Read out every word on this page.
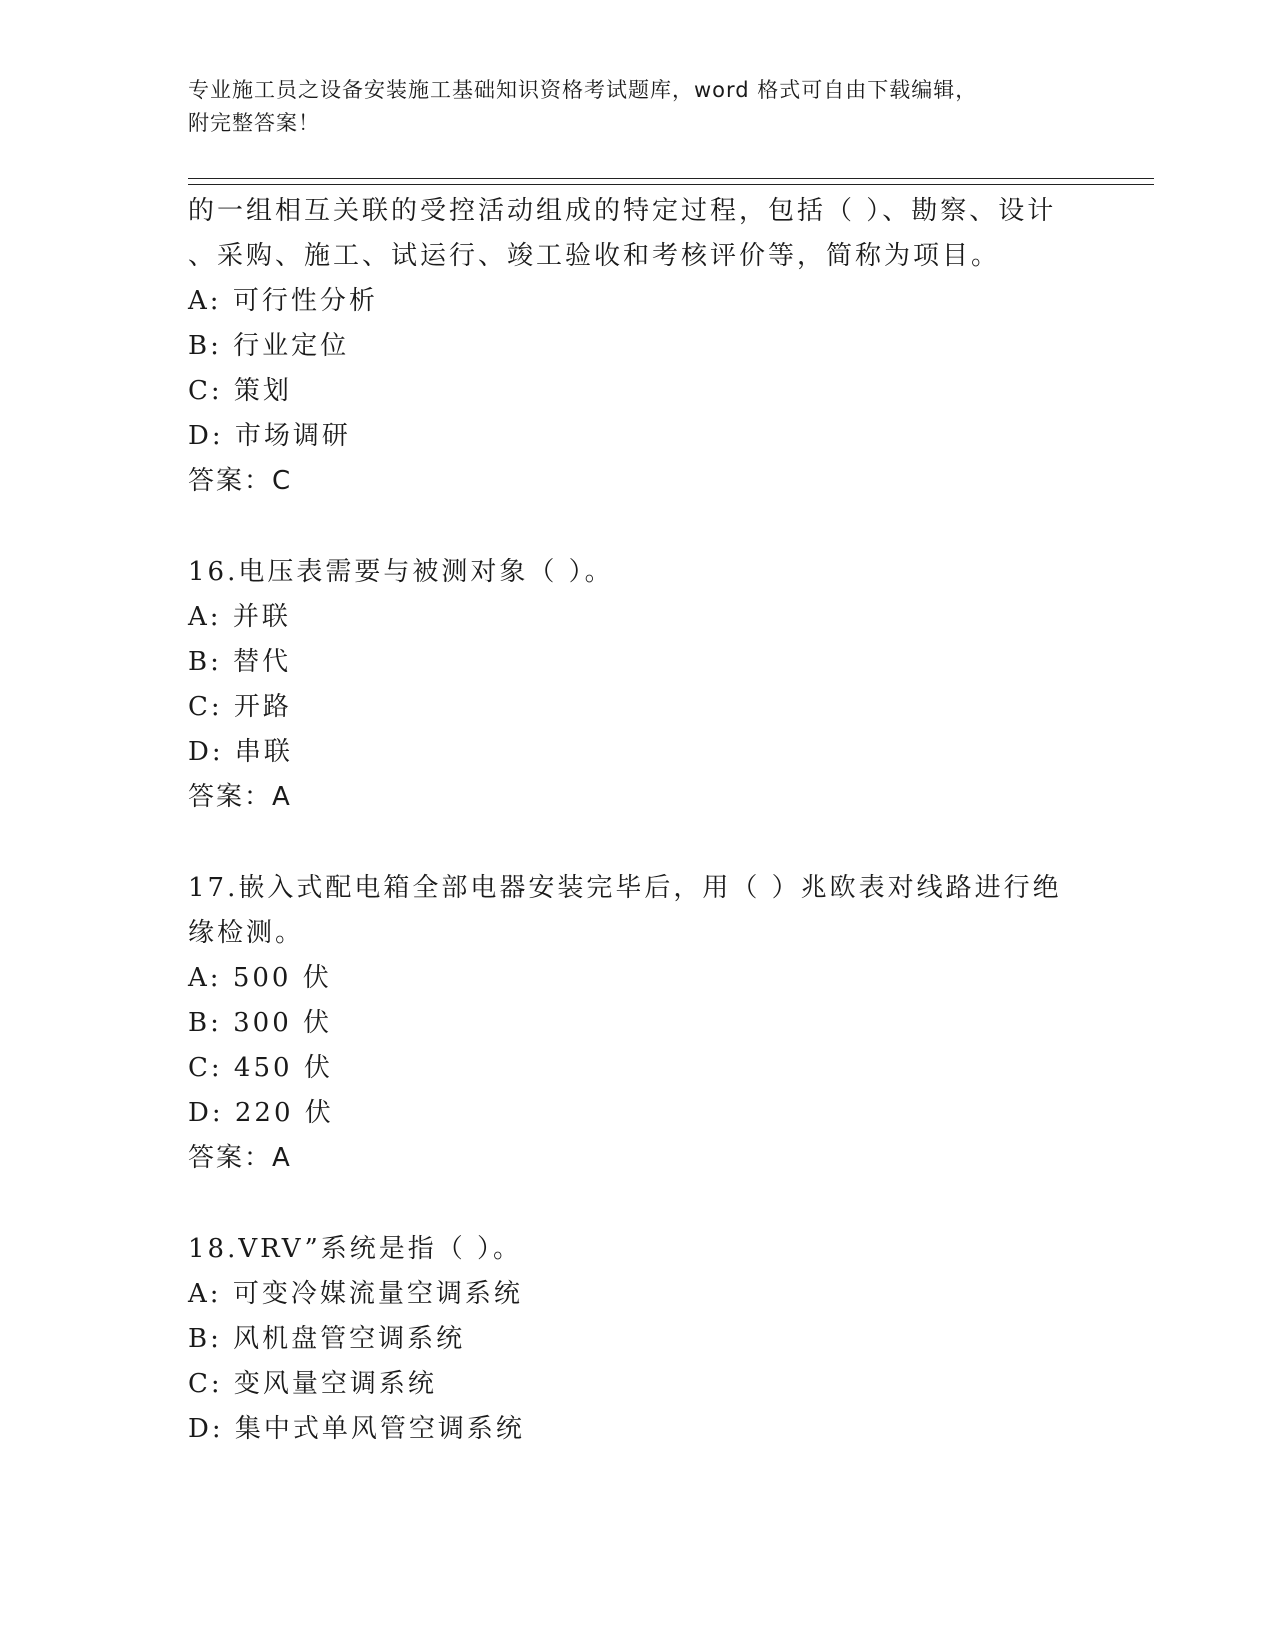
专业施工员之设备安装施工基础知识资格考试题库，word 格式可自由下载编辑，
附完整答案！

的一组相互关联的受控活动组成的特定过程，包括（ ）、勘察、设计

、采购、施工、试运行、竣工验收和考核评价等，简称为项目。

A: 可行性分析

B: 行业定位

C: 策划

D: 市场调研

答案：C

16.电压表需要与被测对象（ ）。

A: 并联

B: 替代

C: 开路

D: 串联

答案：A

17.嵌入式配电箱全部电器安装完毕后，用（ ）兆欧表对线路进行绝

缘检测。

A: 500 伏

B: 300 伏

C: 450 伏

D: 220 伏

答案：A

18.VRV”系统是指（ ）。

A: 可变冷媒流量空调系统

B: 风机盘管空调系统

C: 变风量空调系统

D: 集中式单风管空调系统
